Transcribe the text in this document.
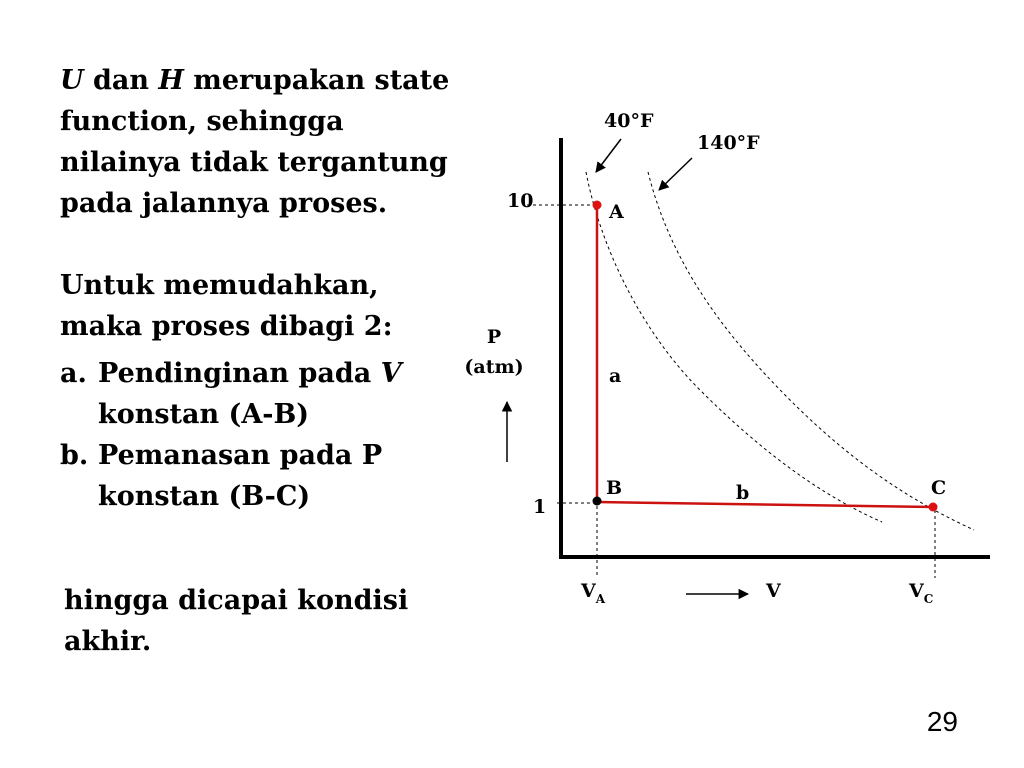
U dan H merupakan state function, sehingga nilainya tidak tergantung pada jalannya proses.

Untuk memudahkan, maka proses dibagi 2:

a. Pendinginan pada V konstan (A-B)
b. Pemanasan pada P konstan (B-C)
hingga dicapai kondisi akhir.
40°F
140°F
10
1
P
(atm)
A
B	C
a
b
$V_A$	V	$V_C$
29
